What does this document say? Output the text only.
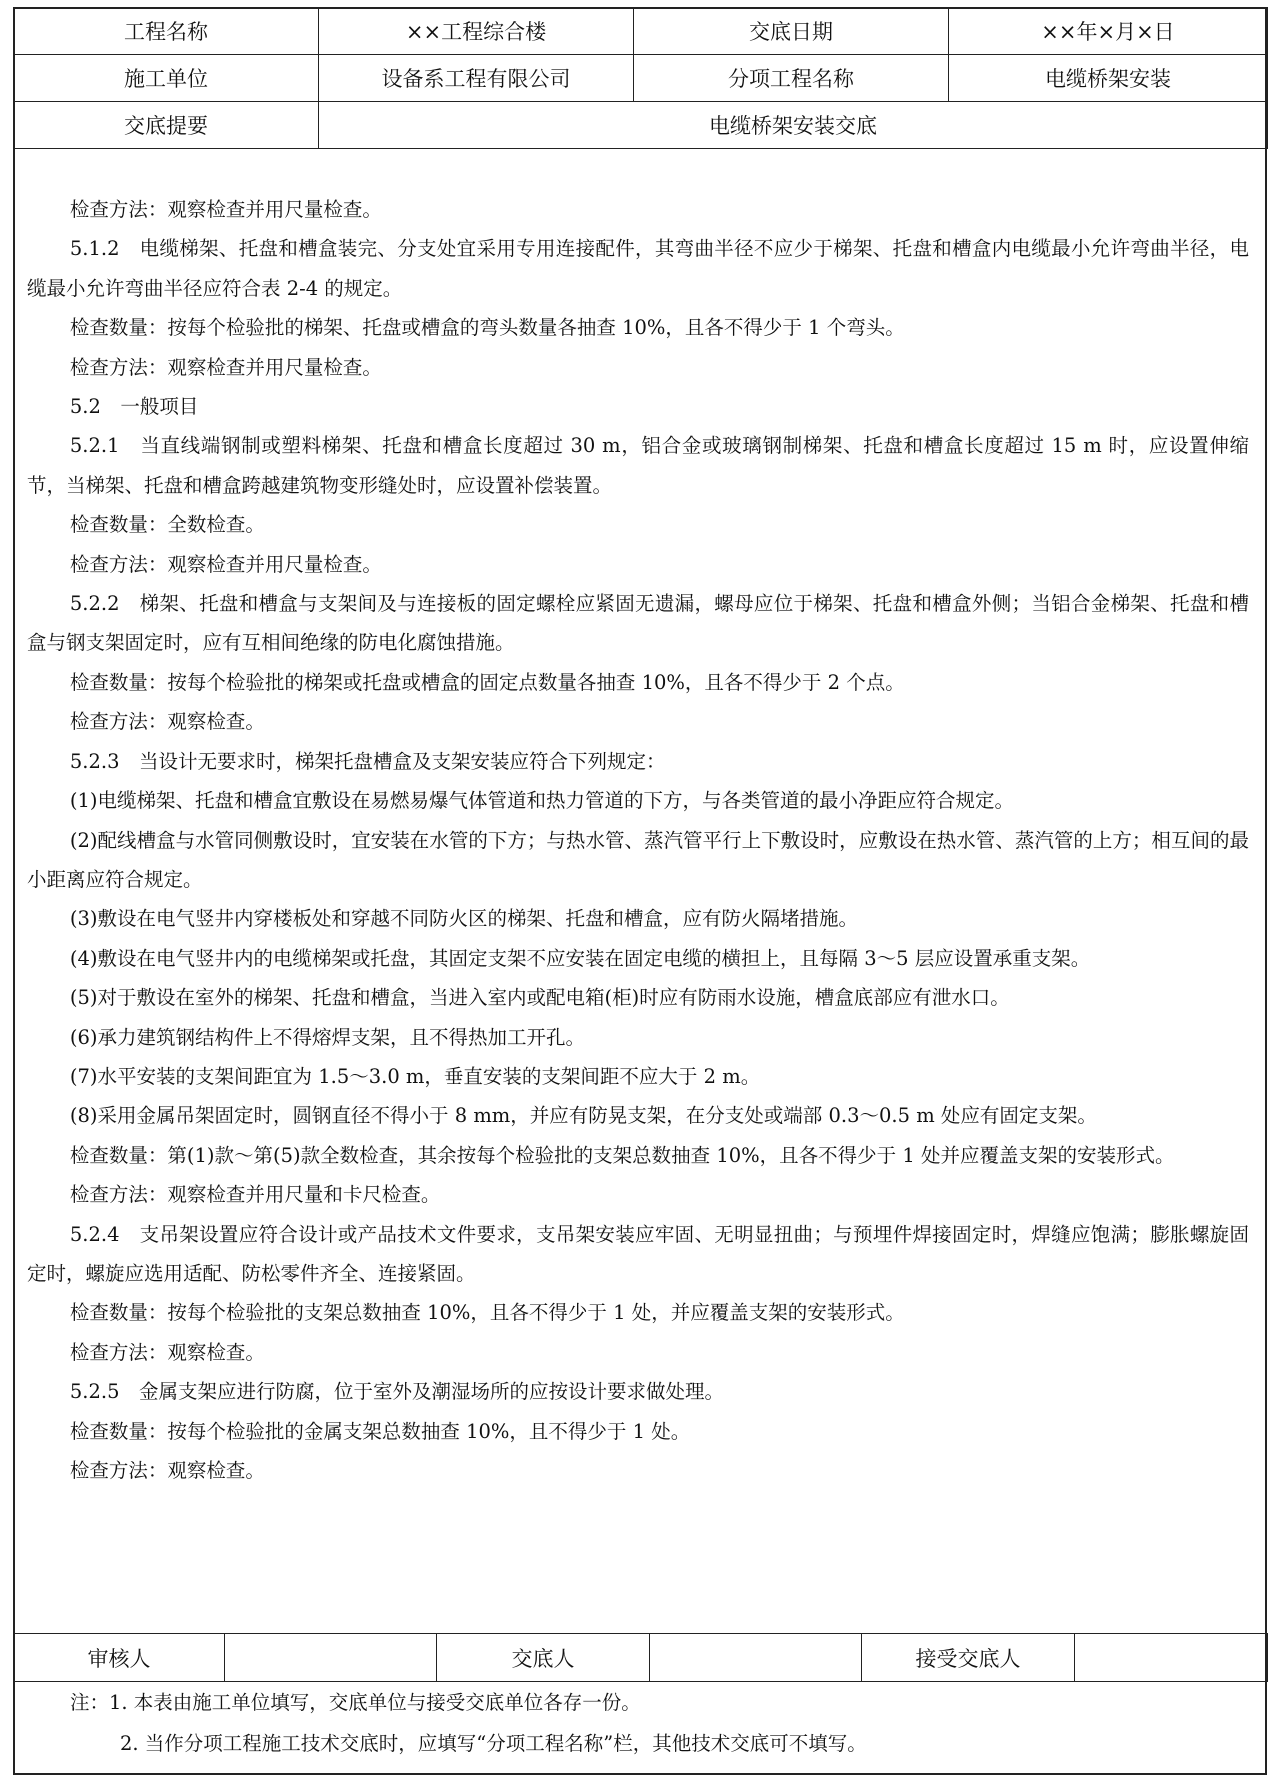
工程名称	××工程综合楼	交底日期	××年×月×日
施工单位	设备系工程有限公司	分项工程名称	电缆桥架安装
交底提要	电缆桥架安装交底		

检查方法：观察检查并用尺量检查。

5.1.2　电缆梯架、托盘和槽盒装完、分支处宜采用专用连接配件，其弯曲半径不应少于梯架、托盘和槽盒内电缆最小允许弯曲半径，电缆最小允许弯曲半径应符合表 2-4 的规定。

检查数量：按每个检验批的梯架、托盘或槽盒的弯头数量各抽查 10%，且各不得少于 1 个弯头。

检查方法：观察检查并用尺量检查。

5.2　一般项目

5.2.1　当直线端钢制或塑料梯架、托盘和槽盒长度超过 30 m，铝合金或玻璃钢制梯架、托盘和槽盒长度超过 15 m 时，应设置伸缩节，当梯架、托盘和槽盒跨越建筑物变形缝处时，应设置补偿装置。

检查数量：全数检查。

检查方法：观察检查并用尺量检查。

5.2.2　梯架、托盘和槽盒与支架间及与连接板的固定螺栓应紧固无遗漏，螺母应位于梯架、托盘和槽盒外侧；当铝合金梯架、托盘和槽盒与钢支架固定时，应有互相间绝缘的防电化腐蚀措施。

检查数量：按每个检验批的梯架或托盘或槽盒的固定点数量各抽查 10%，且各不得少于 2 个点。

检查方法：观察检查。

5.2.3　当设计无要求时，梯架托盘槽盒及支架安装应符合下列规定：

(1)电缆梯架、托盘和槽盒宜敷设在易燃易爆气体管道和热力管道的下方，与各类管道的最小净距应符合规定。

(2)配线槽盒与水管同侧敷设时，宜安装在水管的下方；与热水管、蒸汽管平行上下敷设时，应敷设在热水管、蒸汽管的上方；相互间的最小距离应符合规定。

(3)敷设在电气竖井内穿楼板处和穿越不同防火区的梯架、托盘和槽盒，应有防火隔堵措施。

(4)敷设在电气竖井内的电缆梯架或托盘，其固定支架不应安装在固定电缆的横担上，且每隔 3～5 层应设置承重支架。

(5)对于敷设在室外的梯架、托盘和槽盒，当进入室内或配电箱(柜)时应有防雨水设施，槽盒底部应有泄水口。

(6)承力建筑钢结构件上不得熔焊支架，且不得热加工开孔。

(7)水平安装的支架间距宜为 1.5～3.0 m，垂直安装的支架间距不应大于 2 m。

(8)采用金属吊架固定时，圆钢直径不得小于 8 mm，并应有防晃支架，在分支处或端部 0.3～0.5 m 处应有固定支架。

检查数量：第(1)款～第(5)款全数检查，其余按每个检验批的支架总数抽查 10%，且各不得少于 1 处并应覆盖支架的安装形式。

检查方法：观察检查并用尺量和卡尺检查。

5.2.4　支吊架设置应符合设计或产品技术文件要求，支吊架安装应牢固、无明显扭曲；与预埋件焊接固定时，焊缝应饱满；膨胀螺旋固定时，螺旋应选用适配、防松零件齐全、连接紧固。

检查数量：按每个检验批的支架总数抽查 10%，且各不得少于 1 处，并应覆盖支架的安装形式。

检查方法：观察检查。

5.2.5　金属支架应进行防腐，位于室外及潮湿场所的应按设计要求做处理。

检查数量：按每个检验批的金属支架总数抽查 10%，且不得少于 1 处。

检查方法：观察检查。

审核人		交底人		接受交底人	
注：1. 本表由施工单位填写，交底单位与接受交底单位各存一份。
2. 当作分项工程施工技术交底时，应填写“分项工程名称”栏，其他技术交底可不填写。
